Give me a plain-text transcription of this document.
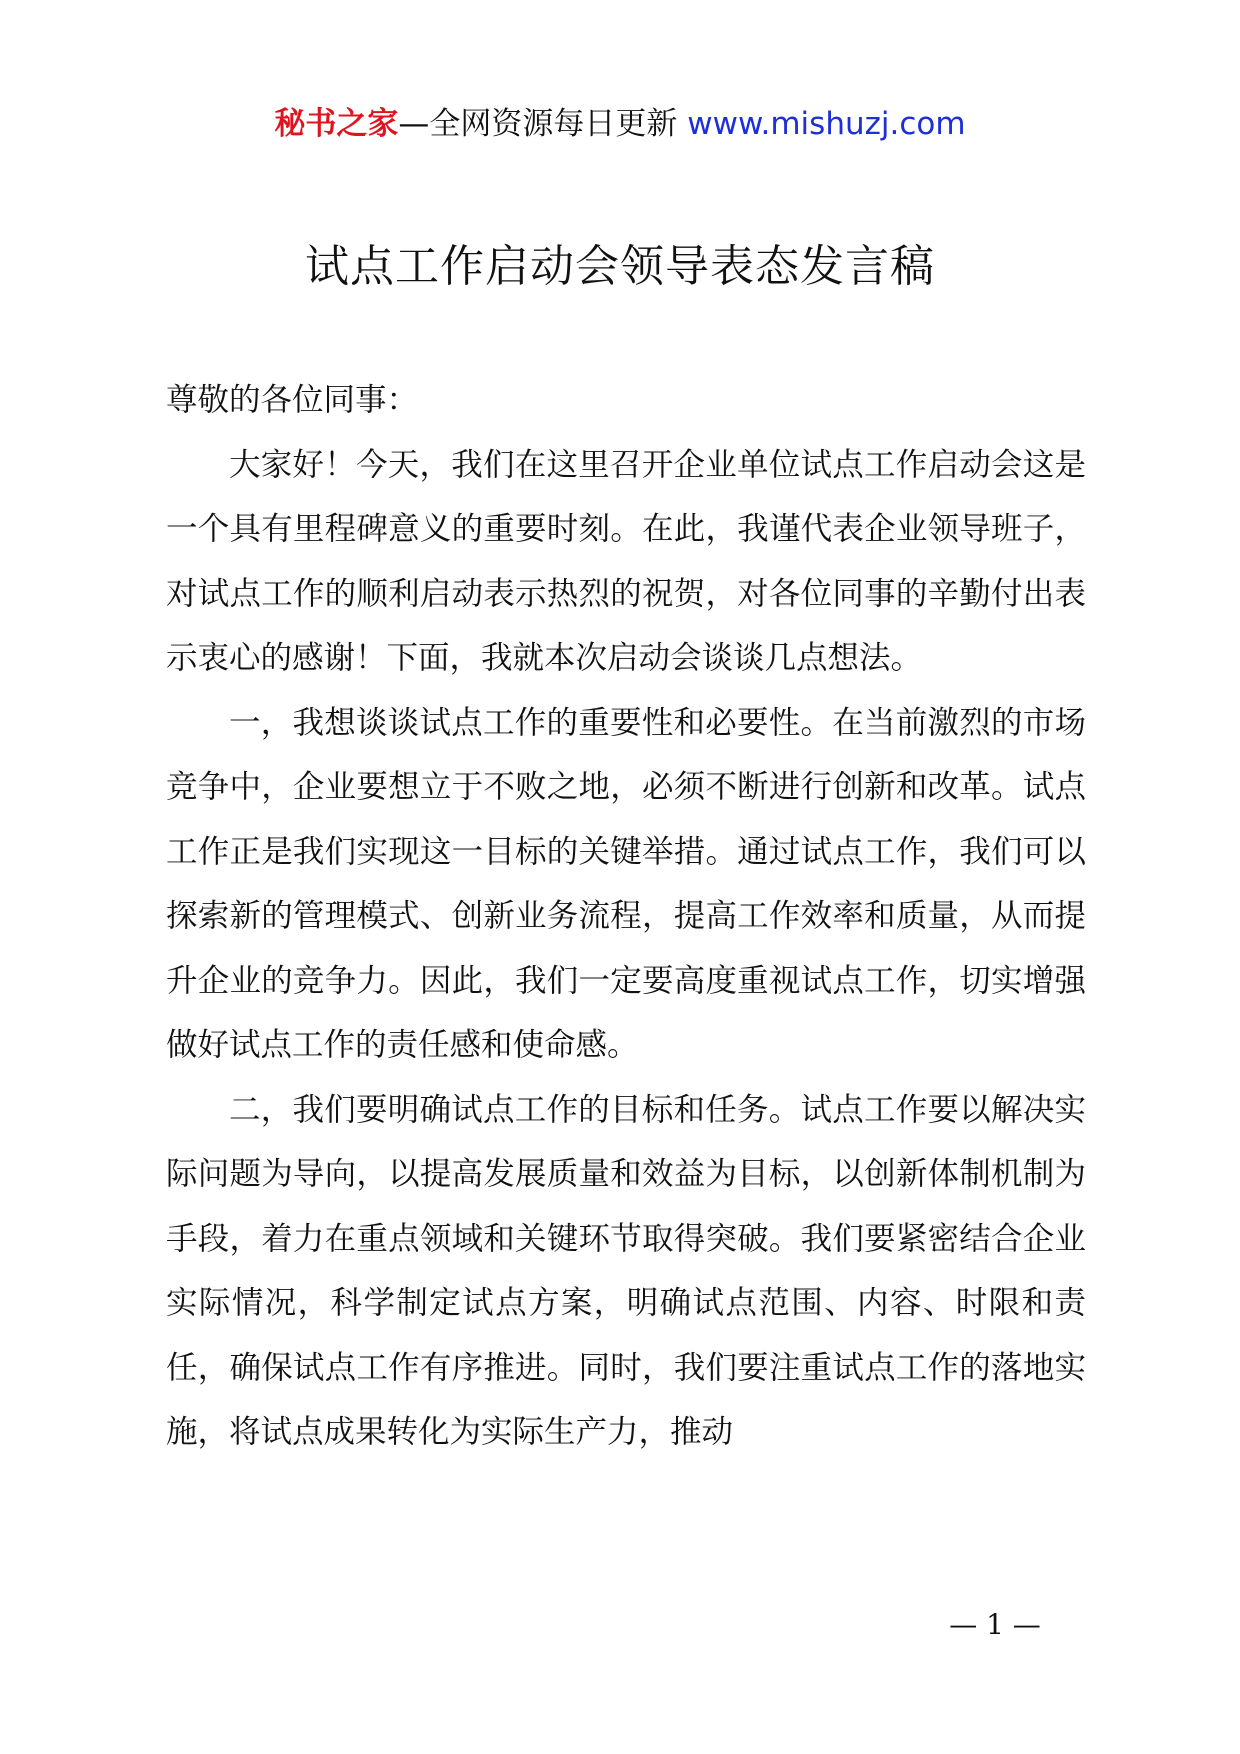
秘书之家—全网资源每日更新 www.mishuzj.com
试点工作启动会领导表态发言稿

尊敬的各位同事：

大家好！今天，我们在这里召开企业单位试点工作启动会这是一个具有里程碑意义的重要时刻。在此，我谨代表企业领导班子，对试点工作的顺利启动表示热烈的祝贺，对各位同事的辛勤付出表示衷心的感谢！下面，我就本次启动会谈谈几点想法。

一，我想谈谈试点工作的重要性和必要性。在当前激烈的市场竞争中，企业要想立于不败之地，必须不断进行创新和改革。试点工作正是我们实现这一目标的关键举措。通过试点工作，我们可以探索新的管理模式、创新业务流程，提高工作效率和质量，从而提升企业的竞争力。因此，我们一定要高度重视试点工作，切实增强做好试点工作的责任感和使命感。

二，我们要明确试点工作的目标和任务。试点工作要以解决实际问题为导向，以提高发展质量和效益为目标，以创新体制机制为手段，着力在重点领域和关键环节取得突破。我们要紧密结合企业实际情况，科学制定试点方案，明确试点范围、内容、时限和责任，确保试点工作有序推进。同时，我们要注重试点工作的落地实施，将试点成果转化为实际生产力，推动

— 1 —
